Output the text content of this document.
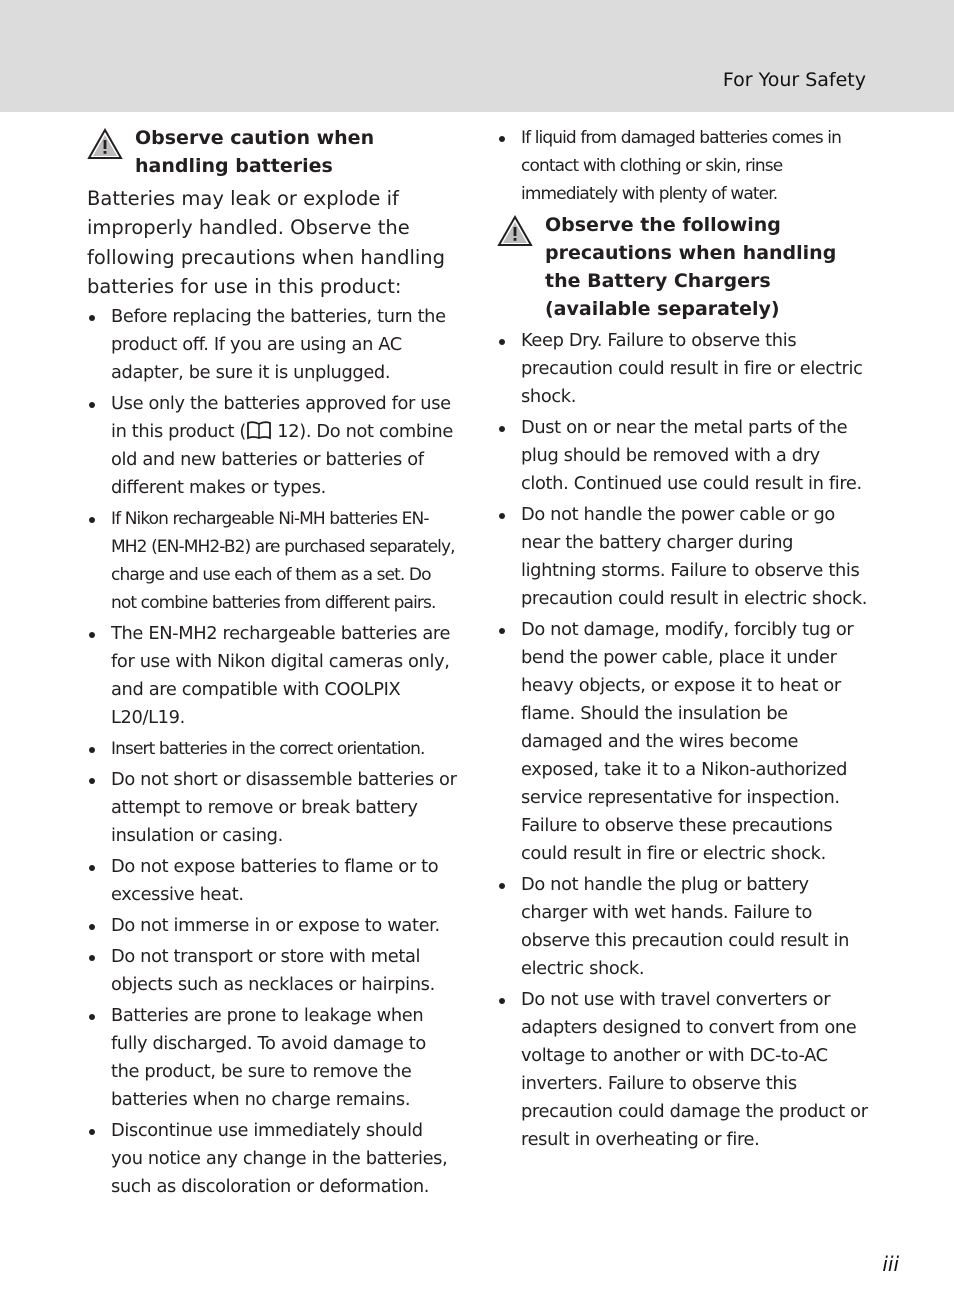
For Your Safety
Observe caution when handling batteries

Batteries may leak or explode if improperly handled. Observe the following precautions when handling batteries for use in this product:

Before replacing the batteries, turn the product off. If you are using an AC adapter, be sure it is unplugged.
Use only the batteries approved for use in this product ( 12). Do not combine old and new batteries or batteries of different makes or types.
If Nikon rechargeable Ni-MH batteries EN-MH2 (EN-MH2-B2) are purchased separately, charge and use each of them as a set. Do not combine batteries from different pairs.
The EN-MH2 rechargeable batteries are for use with Nikon digital cameras only, and are compatible with COOLPIX L20/L19.
Insert batteries in the correct orientation.
Do not short or disassemble batteries or attempt to remove or break battery insulation or casing.
Do not expose batteries to flame or to excessive heat.
Do not immerse in or expose to water.
Do not transport or store with metal objects such as necklaces or hairpins.
Batteries are prone to leakage when fully discharged. To avoid damage to the product, be sure to remove the batteries when no charge remains.
Discontinue use immediately should you notice any change in the batteries, such as discoloration or deformation.
If liquid from damaged batteries comes in contact with clothing or skin, rinse immediately with plenty of water.
Observe the following precautions when handling the Battery Chargers (available separately)
Keep Dry. Failure to observe this precaution could result in fire or electric shock.
Dust on or near the metal parts of the plug should be removed with a dry cloth. Continued use could result in fire.
Do not handle the power cable or go near the battery charger during lightning storms. Failure to observe this precaution could result in electric shock.
Do not damage, modify, forcibly tug or bend the power cable, place it under heavy objects, or expose it to heat or flame. Should the insulation be damaged and the wires become exposed, take it to a Nikon-authorized service representative for inspection. Failure to observe these precautions could result in fire or electric shock.
Do not handle the plug or battery charger with wet hands. Failure to observe this precaution could result in electric shock.
Do not use with travel converters or adapters designed to convert from one voltage to another or with DC-to-AC inverters. Failure to observe this precaution could damage the product or result in overheating or fire.
iii
